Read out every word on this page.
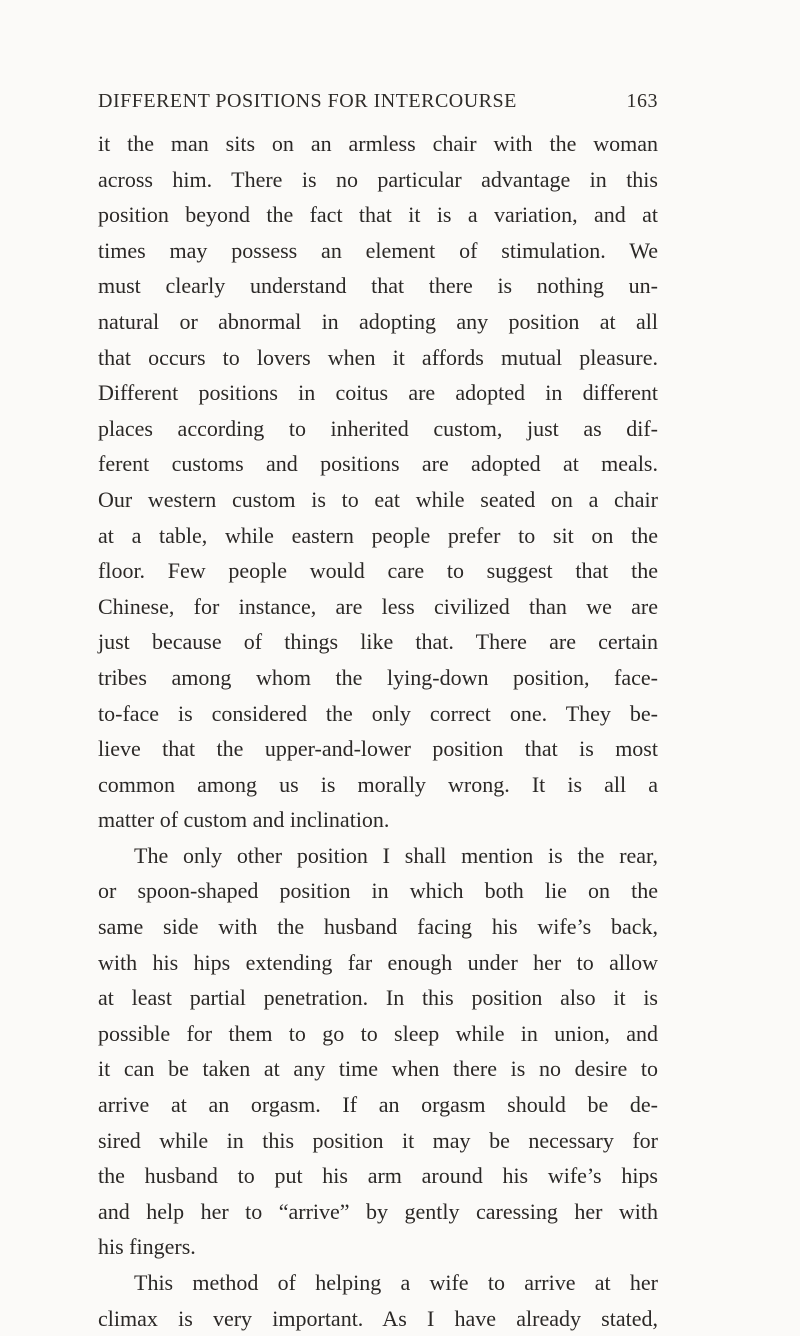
DIFFERENT POSITIONS FOR INTERCOURSE	163
it the man sits on an armless chair with the woman
across him. There is no particular advantage in this
position beyond the fact that it is a variation, and at
times may possess an element of stimulation. We
must clearly understand that there is nothing un-
natural or abnormal in adopting any position at all
that occurs to lovers when it affords mutual pleasure.
Different positions in coitus are adopted in different
places according to inherited custom, just as dif-
ferent customs and positions are adopted at meals.
Our western custom is to eat while seated on a chair
at a table, while eastern people prefer to sit on the
floor. Few people would care to suggest that the
Chinese, for instance, are less civilized than we are
just because of things like that. There are certain
tribes among whom the lying-down position, face-
to-face is considered the only correct one. They be-
lieve that the upper-and-lower position that is most
common among us is morally wrong. It is all a
matter of custom and inclination.
The only other position I shall mention is the rear,
or spoon-shaped position in which both lie on the
same side with the husband facing his wife’s back,
with his hips extending far enough under her to allow
at least partial penetration. In this position also it is
possible for them to go to sleep while in union, and
it can be taken at any time when there is no desire to
arrive at an orgasm. If an orgasm should be de-
sired while in this position it may be necessary for
the husband to put his arm around his wife’s hips
and help her to “arrive” by gently caressing her with
his fingers.
This method of helping a wife to arrive at her
climax is very important. As I have already stated,
